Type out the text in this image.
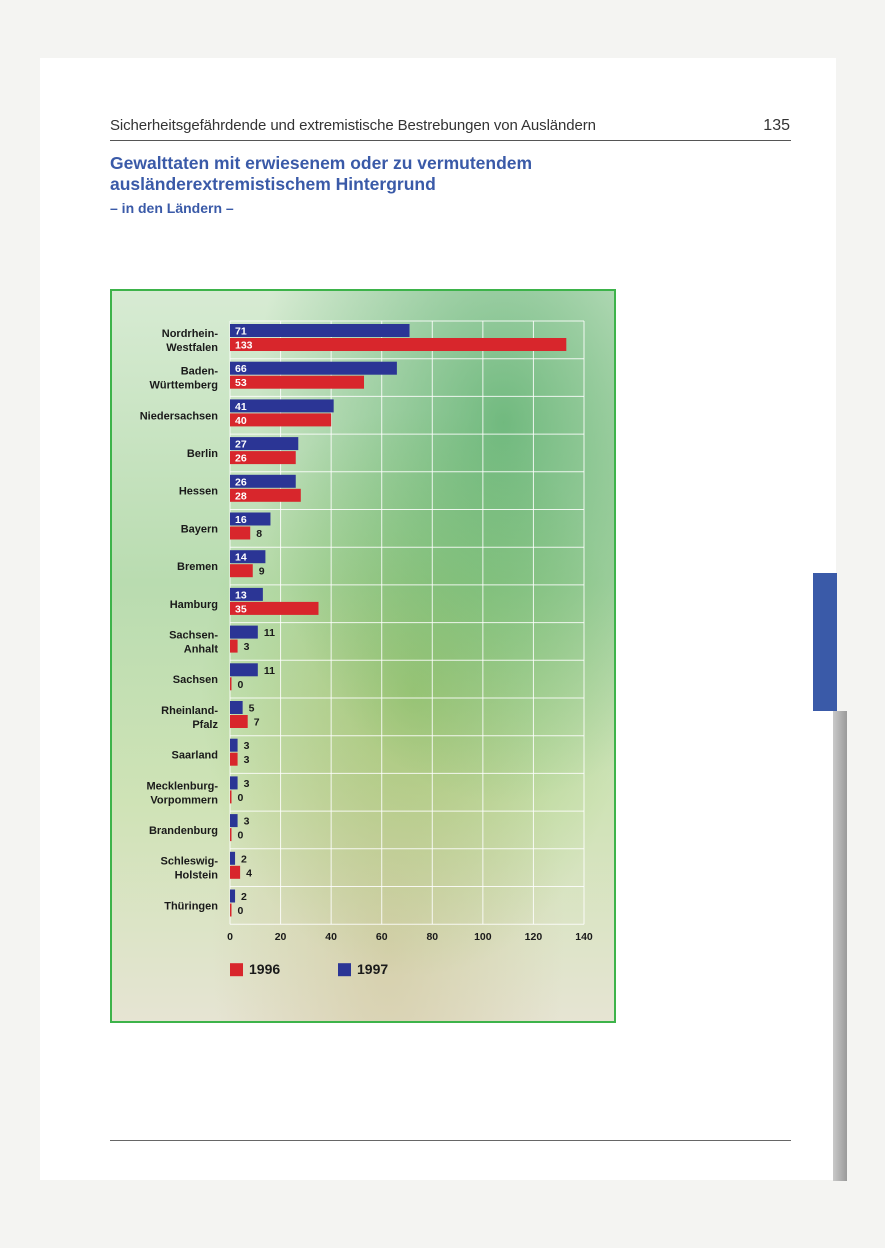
Sicherheitsgefährdende und extremistische Bestrebungen von Ausländern	135
Gewalttaten mit erwiesenem oder zu vermutendem ausländerextremistischem Hintergrund
– in den Ländern –
Nordrhein-Westfalen
71
133
Baden-Württemberg
66
53
Niedersachsen
41
40
Berlin
27
26
Hessen
26
28
Bayern
16
8
Bremen
14
9
Hamburg
13
35
Sachsen-Anhalt
11
3
Sachsen
11
0
Rheinland-Pfalz
5
7
Saarland
3
3
Mecklenburg-Vorpommern
3
0
Brandenburg
3
0
Schleswig-Holstein
2
4
Thüringen
2
0
0	20	40	60	80	100	120	140
1996	1997
